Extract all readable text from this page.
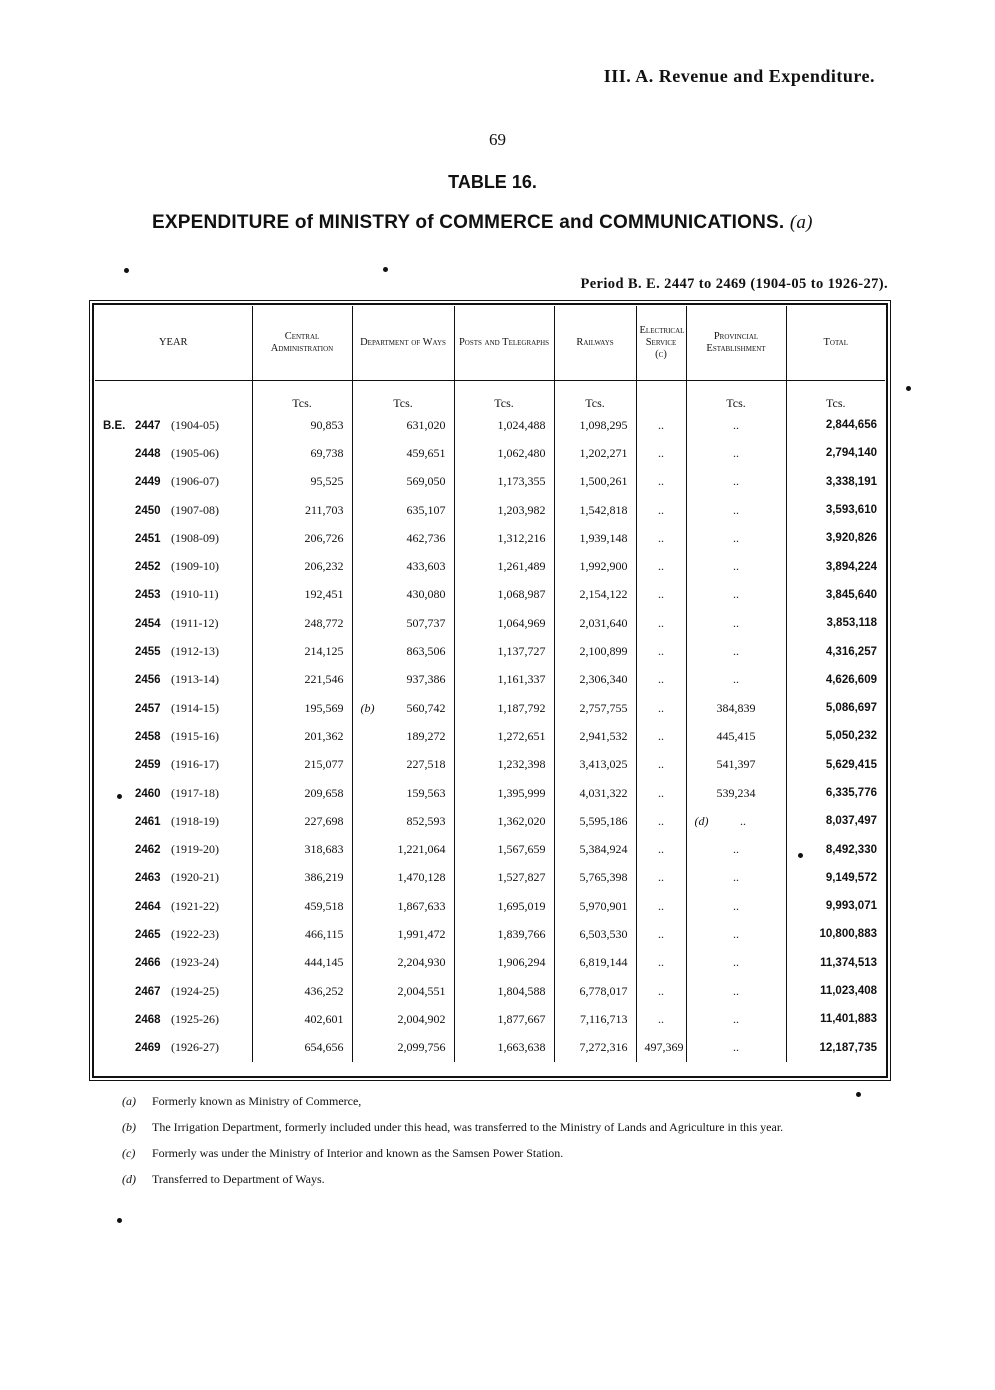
III. A. Revenue and Expenditure.
69
TABLE 16.
EXPENDITURE of MINISTRY of COMMERCE and COMMUNICATIONS. (a)
Period B. E. 2447 to 2469 (1904-05 to 1926-27).
YEAR	Central Administration	Department of Ways	Posts and Telegraphs	Railways	Electrical Service (c)	Provincial Establishment	Total
	Tcs.	Tcs.	Tcs.	Tcs.		Tcs.	Tcs.
B.E. 2447 (1904-05)	90,853	631,020	1,024,488	1,098,295	..	..	2,844,656
2448 (1905-06)	69,738	459,651	1,062,480	1,202,271	..	..	2,794,140
2449 (1906-07)	95,525	569,050	1,173,355	1,500,261	..	..	3,338,191
2450 (1907-08)	211,703	635,107	1,203,982	1,542,818	..	..	3,593,610
2451 (1908-09)	206,726	462,736	1,312,216	1,939,148	..	..	3,920,826
2452 (1909-10)	206,232	433,603	1,261,489	1,992,900	..	..	3,894,224
2453 (1910-11)	192,451	430,080	1,068,987	2,154,122	..	..	3,845,640
2454 (1911-12)	248,772	507,737	1,064,969	2,031,640	..	..	3,853,118
2455 (1912-13)	214,125	863,506	1,137,727	2,100,899	..	..	4,316,257
2456 (1913-14)	221,546	937,386	1,161,337	2,306,340	..	..	4,626,609
2457 (1914-15)	195,569	(b) 560,742	1,187,792	2,757,755	..	384,839	5,086,697
2458 (1915-16)	201,362	189,272	1,272,651	2,941,532	..	445,415	5,050,232
2459 (1916-17)	215,077	227,518	1,232,398	3,413,025	..	541,397	5,629,415
2460 (1917-18)	209,658	159,563	1,395,999	4,031,322	..	539,234	6,335,776
2461 (1918-19)	227,698	852,593	1,362,020	5,595,186	..	(d) ..	8,037,497
2462 (1919-20)	318,683	1,221,064	1,567,659	5,384,924	..	..	8,492,330
2463 (1920-21)	386,219	1,470,128	1,527,827	5,765,398	..	..	9,149,572
2464 (1921-22)	459,518	1,867,633	1,695,019	5,970,901	..	..	9,993,071
2465 (1922-23)	466,115	1,991,472	1,839,766	6,503,530	..	..	10,800,883
2466 (1923-24)	444,145	2,204,930	1,906,294	6,819,144	..	..	11,374,513
2467 (1924-25)	436,252	2,004,551	1,804,588	6,778,017	..	..	11,023,408
2468 (1925-26)	402,601	2,004,902	1,877,667	7,116,713	..	..	11,401,883
2469 (1926-27)	654,656	2,099,756	1,663,638	7,272,316	497,369	..	12,187,735

(a) Formerly known as Ministry of Commerce,

(b) The Irrigation Department, formerly included under this head, was transferred to the Ministry of Lands and Agriculture in this year.

(c) Formerly was under the Ministry of Interior and known as the Samsen Power Station.

(d) Transferred to Department of Ways.
